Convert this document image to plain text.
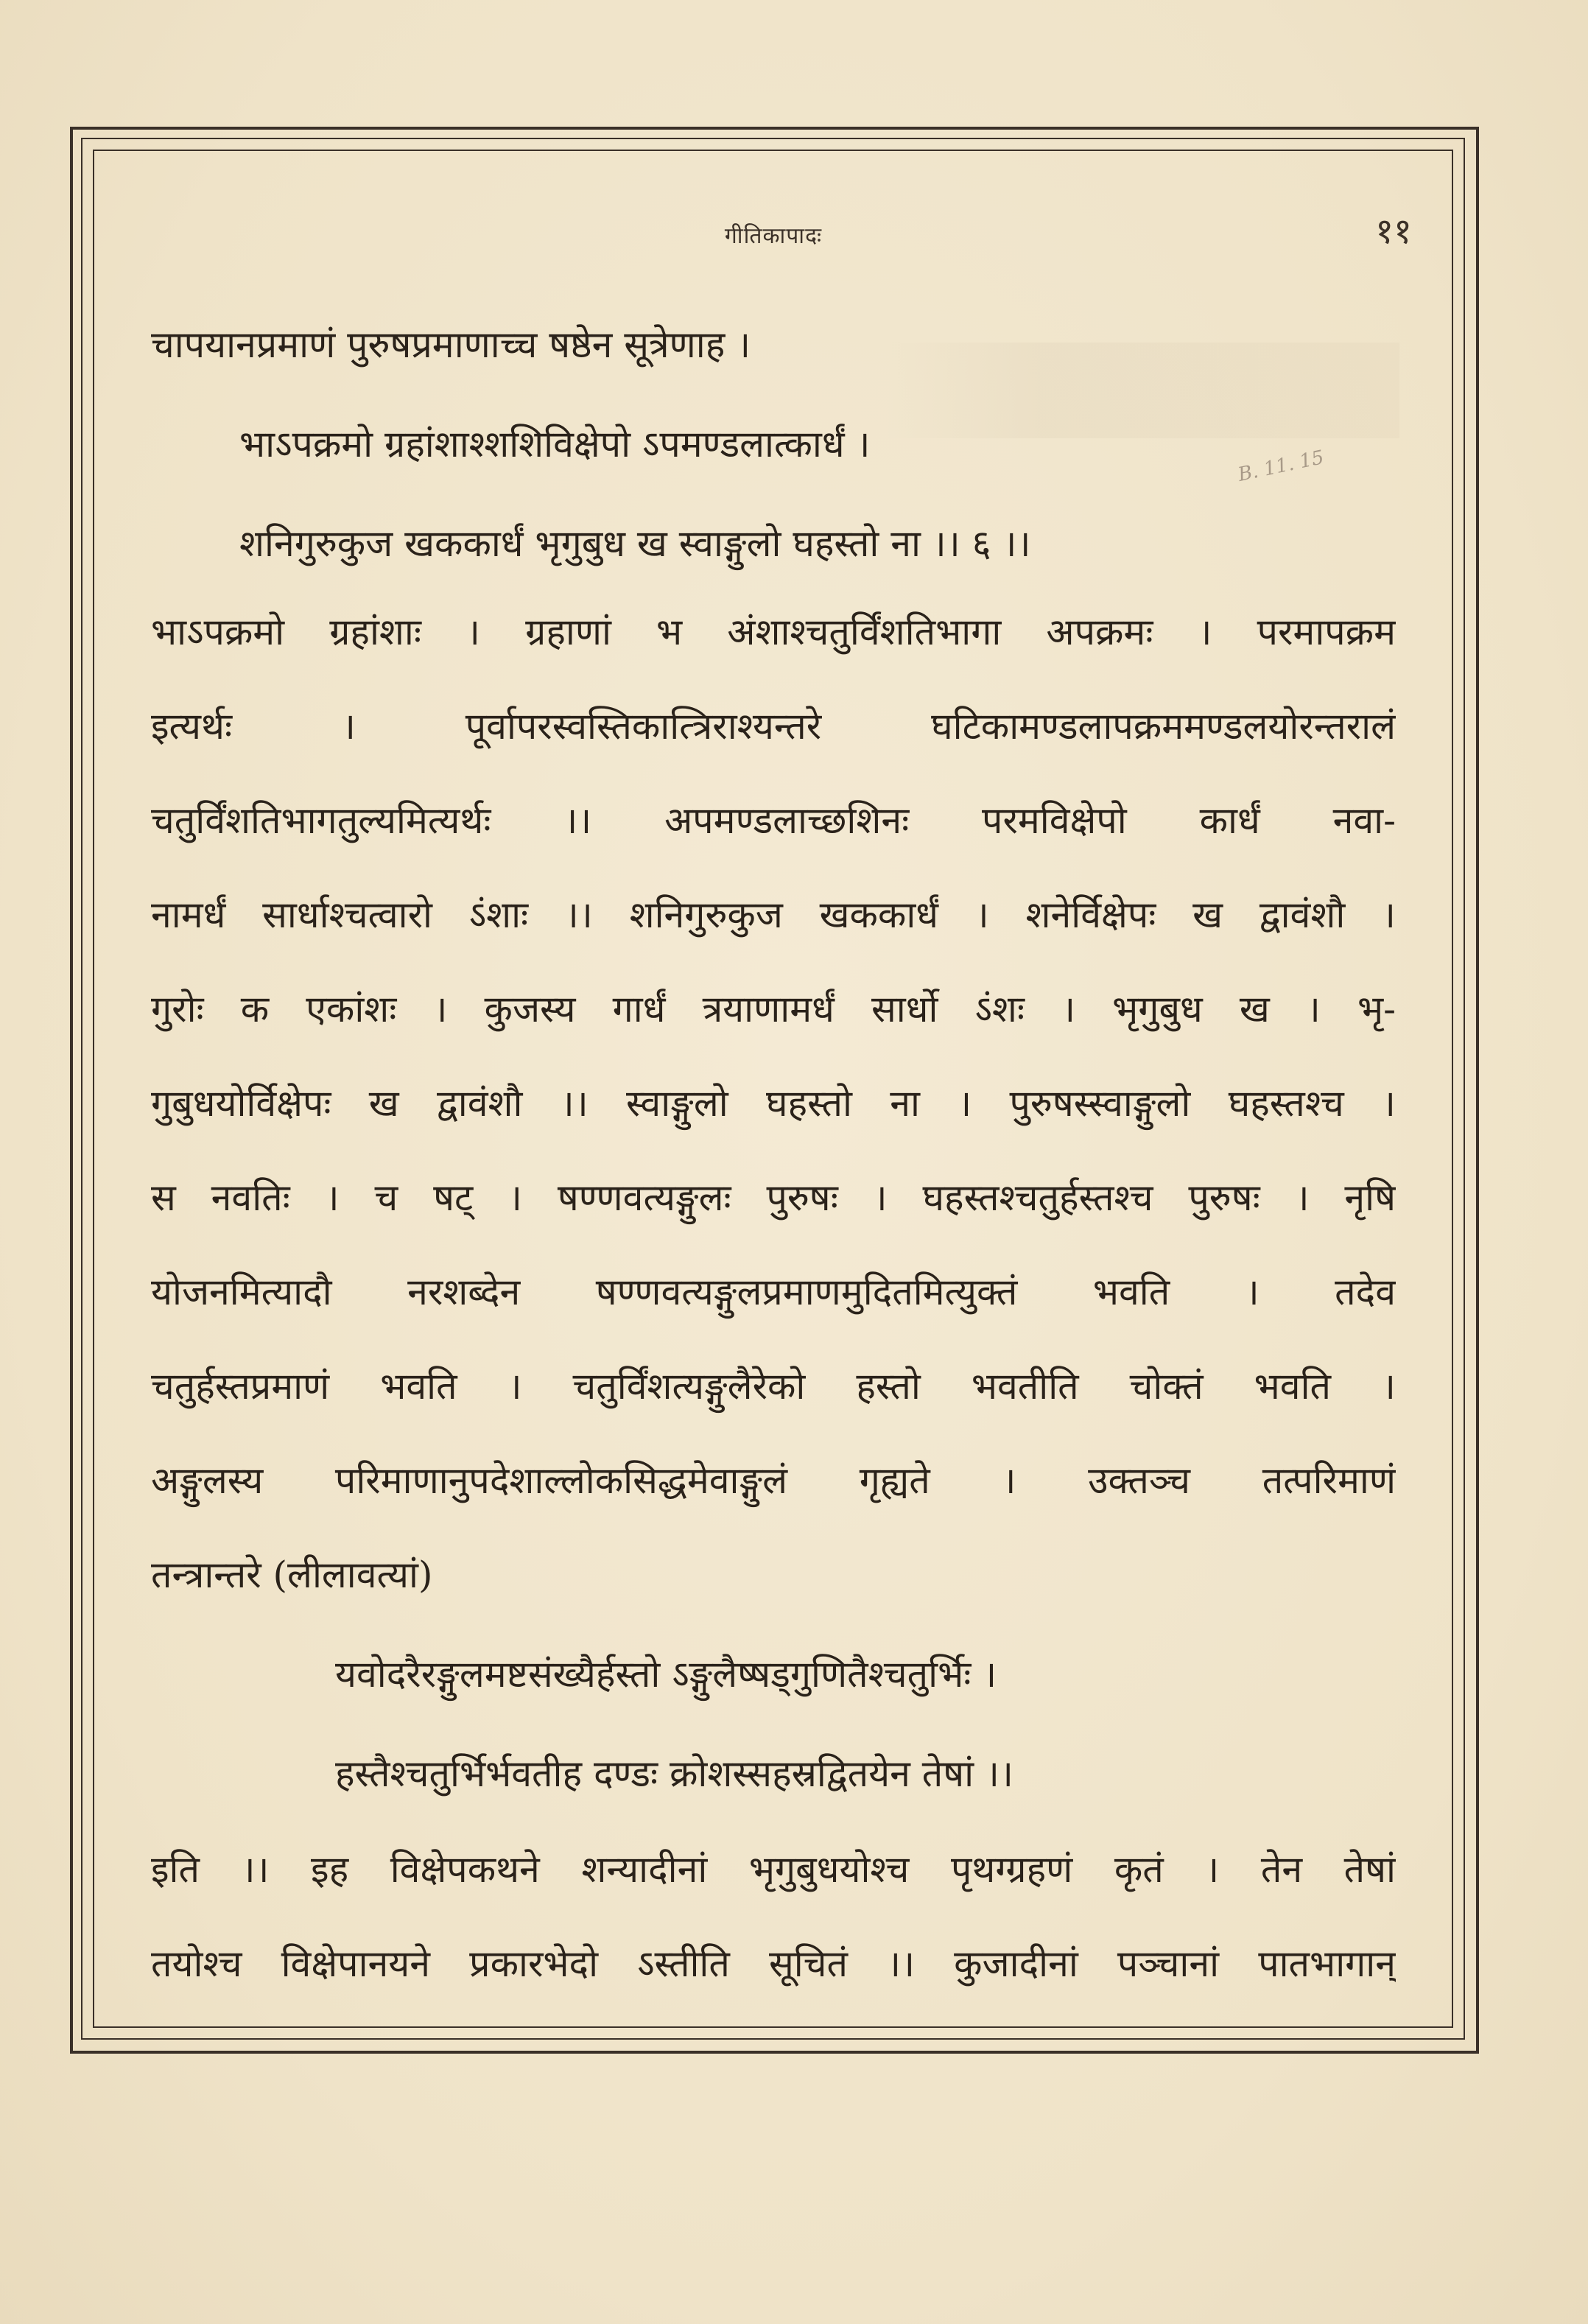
B. 11. 15
गीतिकापादः	११
चापयानप्रमाणं पुरुषप्रमाणाच्च षष्ठेन सूत्रेणाह ।
भाऽपक्रमो ग्रहांशाश्शशिविक्षेपो ऽपमण्डलात्कार्धं ।
शनिगुरुकुज खककार्धं भृगुबुध ख स्वाङ्गुलो घहस्तो ना ।। ६ ।।
भाऽपक्रमो ग्रहांशाः । ग्रहाणां भ अंशाश्चतुर्विंशतिभागा अपक्रमः । परमापक्रम
इत्यर्थः । पूर्वापरस्वस्तिकात्त्रिराश्यन्तरे घटिकामण्डलापक्रममण्डलयोरन्तरालं
चतुर्विंशतिभागतुल्यमित्यर्थः ।। अपमण्डलाच्छशिनः परमविक्षेपो कार्धं नवा-
नामर्धं सार्धाश्चत्वारो ऽंशाः ।। शनिगुरुकुज खककार्धं । शनेर्विक्षेपः ख द्वावंशौ ।
गुरोः क एकांशः । कुजस्य गार्धं त्रयाणामर्धं सार्धो ऽंशः । भृगुबुध ख । भृ-
गुबुधयोर्विक्षेपः ख द्वावंशौ ।। स्वाङ्गुलो घहस्तो ना । पुरुषस्स्वाङ्गुलो घहस्तश्च ।
स नवतिः । च षट् । षण्णवत्यङ्गुलः पुरुषः । घहस्तश्चतुर्हस्तश्च पुरुषः । नृषि
योजनमित्यादौ नरशब्देन षण्णवत्यङ्गुलप्रमाणमुदितमित्युक्तं भवति । तदेव
चतुर्हस्तप्रमाणं भवति । चतुर्विंशत्यङ्गुलैरेको हस्तो भवतीति चोक्तं भवति ।
अङ्गुलस्य परिमाणानुपदेशाल्लोकसिद्धमेवाङ्गुलं गृह्यते । उक्तञ्च तत्परिमाणं
तन्त्रान्तरे (लीलावत्यां)
यवोदरैरङ्गुलमष्टसंख्यैर्हस्तो ऽङ्गुलैष्षड्गुणितैश्चतुर्भिः ।
हस्तैश्चतुर्भिर्भवतीह दण्डः क्रोशस्सहस्रद्वितयेन तेषां ।।
इति ।। इह विक्षेपकथने शन्यादीनां भृगुबुधयोश्च पृथग्ग्रहणं कृतं । तेन तेषां
तयोश्च विक्षेपानयने प्रकारभेदो ऽस्तीति सूचितं ।। कुजादीनां पञ्चानां पातभागान्
